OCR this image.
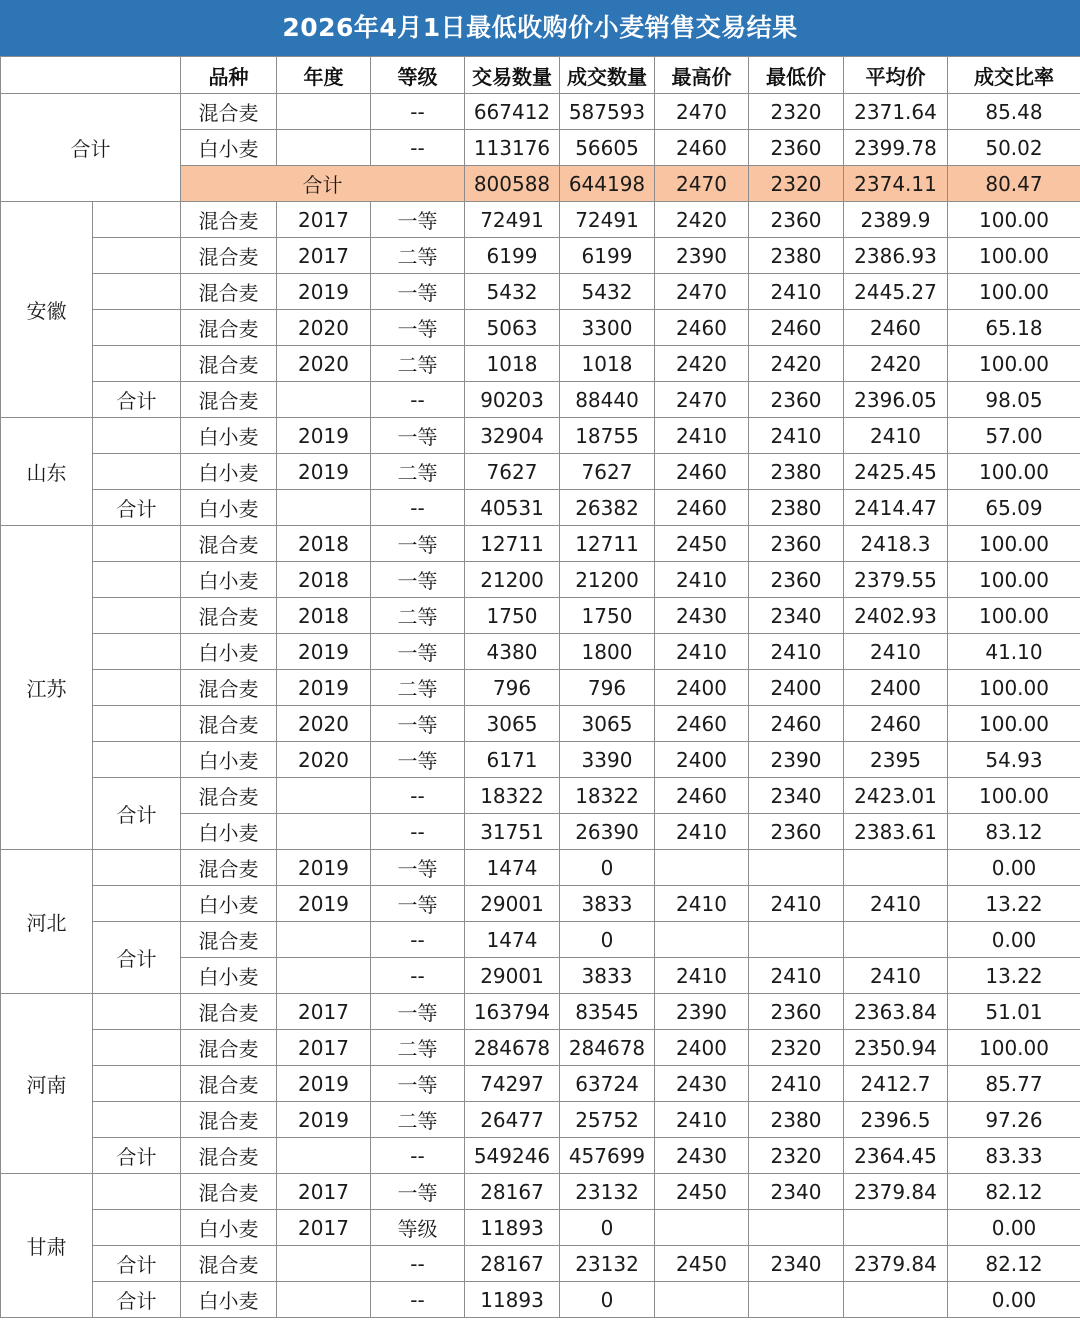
2026年4月1日最低收购价小麦销售交易结果
		品种	年度	等级	交易数量	成交数量	最高价	最低价	平均价	成交比率
合计		混合麦		--	667412	587593	2470	2320	2371.64	85.48
		白小麦		--	113176	56605	2460	2360	2399.78	50.02
		合计			800588	644198	2470	2320	2374.11	80.47
安徽		混合麦	2017	一等	72491	72491	2420	2360	2389.9	100.00
		混合麦	2017	二等	6199	6199	2390	2380	2386.93	100.00
		混合麦	2019	一等	5432	5432	2470	2410	2445.27	100.00
		混合麦	2020	一等	5063	3300	2460	2460	2460	65.18
		混合麦	2020	二等	1018	1018	2420	2420	2420	100.00
	合计	混合麦		--	90203	88440	2470	2360	2396.05	98.05
山东		白小麦	2019	一等	32904	18755	2410	2410	2410	57.00
		白小麦	2019	二等	7627	7627	2460	2380	2425.45	100.00
	合计	白小麦		--	40531	26382	2460	2380	2414.47	65.09
江苏		混合麦	2018	一等	12711	12711	2450	2360	2418.3	100.00
		白小麦	2018	一等	21200	21200	2410	2360	2379.55	100.00
		混合麦	2018	二等	1750	1750	2430	2340	2402.93	100.00
		白小麦	2019	一等	4380	1800	2410	2410	2410	41.10
		混合麦	2019	二等	796	796	2400	2400	2400	100.00
		混合麦	2020	一等	3065	3065	2460	2460	2460	100.00
		白小麦	2020	一等	6171	3390	2400	2390	2395	54.93
	合计	混合麦		--	18322	18322	2460	2340	2423.01	100.00
		白小麦		--	31751	26390	2410	2360	2383.61	83.12
河北		混合麦	2019	一等	1474	0				0.00
		白小麦	2019	一等	29001	3833	2410	2410	2410	13.22
	合计	混合麦		--	1474	0				0.00
		白小麦		--	29001	3833	2410	2410	2410	13.22
河南		混合麦	2017	一等	163794	83545	2390	2360	2363.84	51.01
		混合麦	2017	二等	284678	284678	2400	2320	2350.94	100.00
		混合麦	2019	一等	74297	63724	2430	2410	2412.7	85.77
		混合麦	2019	二等	26477	25752	2410	2380	2396.5	97.26
	合计	混合麦		--	549246	457699	2430	2320	2364.45	83.33
甘肃		混合麦	2017	一等	28167	23132	2450	2340	2379.84	82.12
		白小麦	2017	等级	11893	0				0.00
	合计	混合麦		--	28167	23132	2450	2340	2379.84	82.12
	合计	白小麦		--	11893	0				0.00
